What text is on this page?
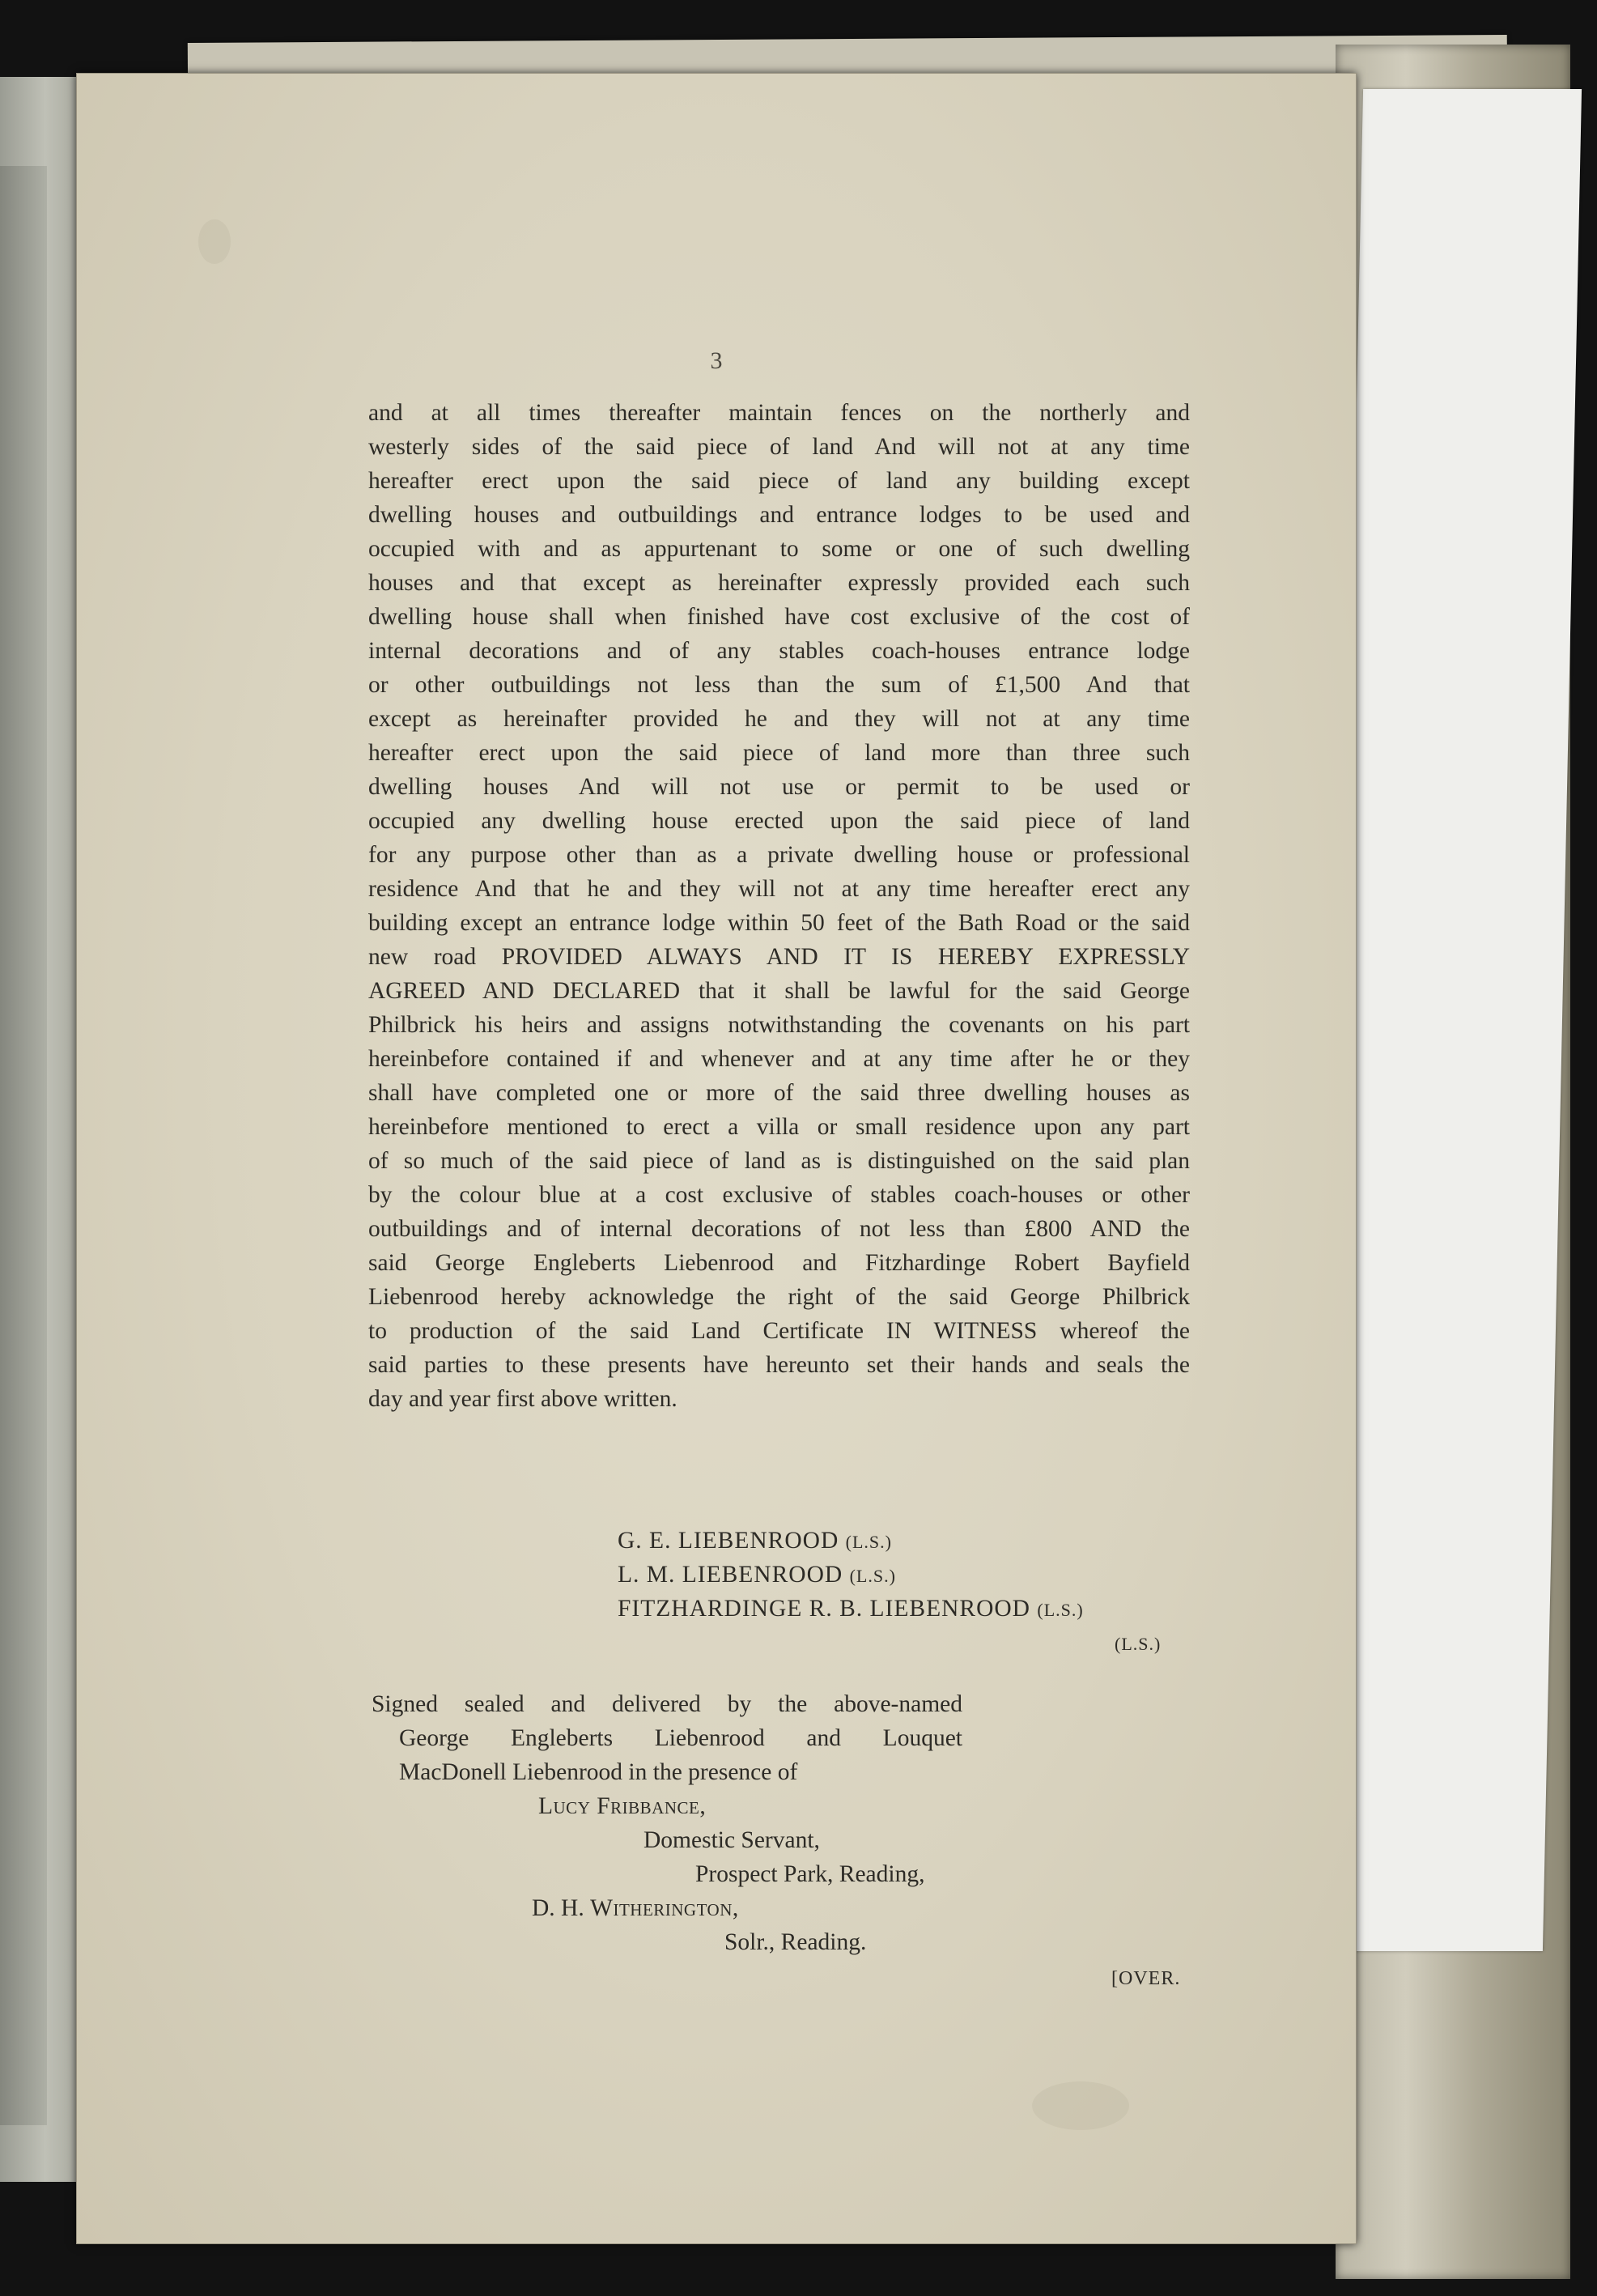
3
and at all times thereafter maintain fences on the northerly and
westerly sides of the said piece of land And will not at any time
hereafter erect upon the said piece of land any building except
dwelling houses and outbuildings and entrance lodges to be used and
occupied with and as appurtenant to some or one of such dwelling
houses and that except as hereinafter expressly provided each such
dwelling house shall when finished have cost exclusive of the cost of
internal decorations and of any stables coach-houses entrance lodge
or other outbuildings not less than the sum of £1,500 And that
except as hereinafter provided he and they will not at any time
hereafter erect upon the said piece of land more than three such
dwelling houses And will not use or permit to be used or
occupied any dwelling house erected upon the said piece of land
for any purpose other than as a private dwelling house or professional
residence And that he and they will not at any time hereafter erect any
building except an entrance lodge within 50 feet of the Bath Road or the said
new road PROVIDED ALWAYS AND IT IS HEREBY EXPRESSLY
AGREED AND DECLARED that it shall be lawful for the said George
Philbrick his heirs and assigns notwithstanding the covenants on his part
hereinbefore contained if and whenever and at any time after he or they
shall have completed one or more of the said three dwelling houses as
hereinbefore mentioned to erect a villa or small residence upon any part
of so much of the said piece of land as is distinguished on the said plan
by the colour blue at a cost exclusive of stables coach-houses or other
outbuildings and of internal decorations of not less than £800 AND the
said George Engleberts Liebenrood and Fitzhardinge Robert Bayfield
Liebenrood hereby acknowledge the right of the said George Philbrick
to production of the said Land Certificate IN WITNESS whereof the
said parties to these presents have hereunto set their hands and seals the
day and year first above written.
G. E. LIEBENROOD (L.S.)
L. M. LIEBENROOD (L.S.)
FITZHARDINGE R. B. LIEBENROOD (L.S.)
(L.S.)
Signed sealed and delivered by the above-named
George Engleberts Liebenrood and Louquet
MacDonell Liebenrood in the presence of
Lucy Fribbance,
Domestic Servant,
Prospect Park, Reading,
D. H. Witherington,
Solr., Reading.
[OVER.
